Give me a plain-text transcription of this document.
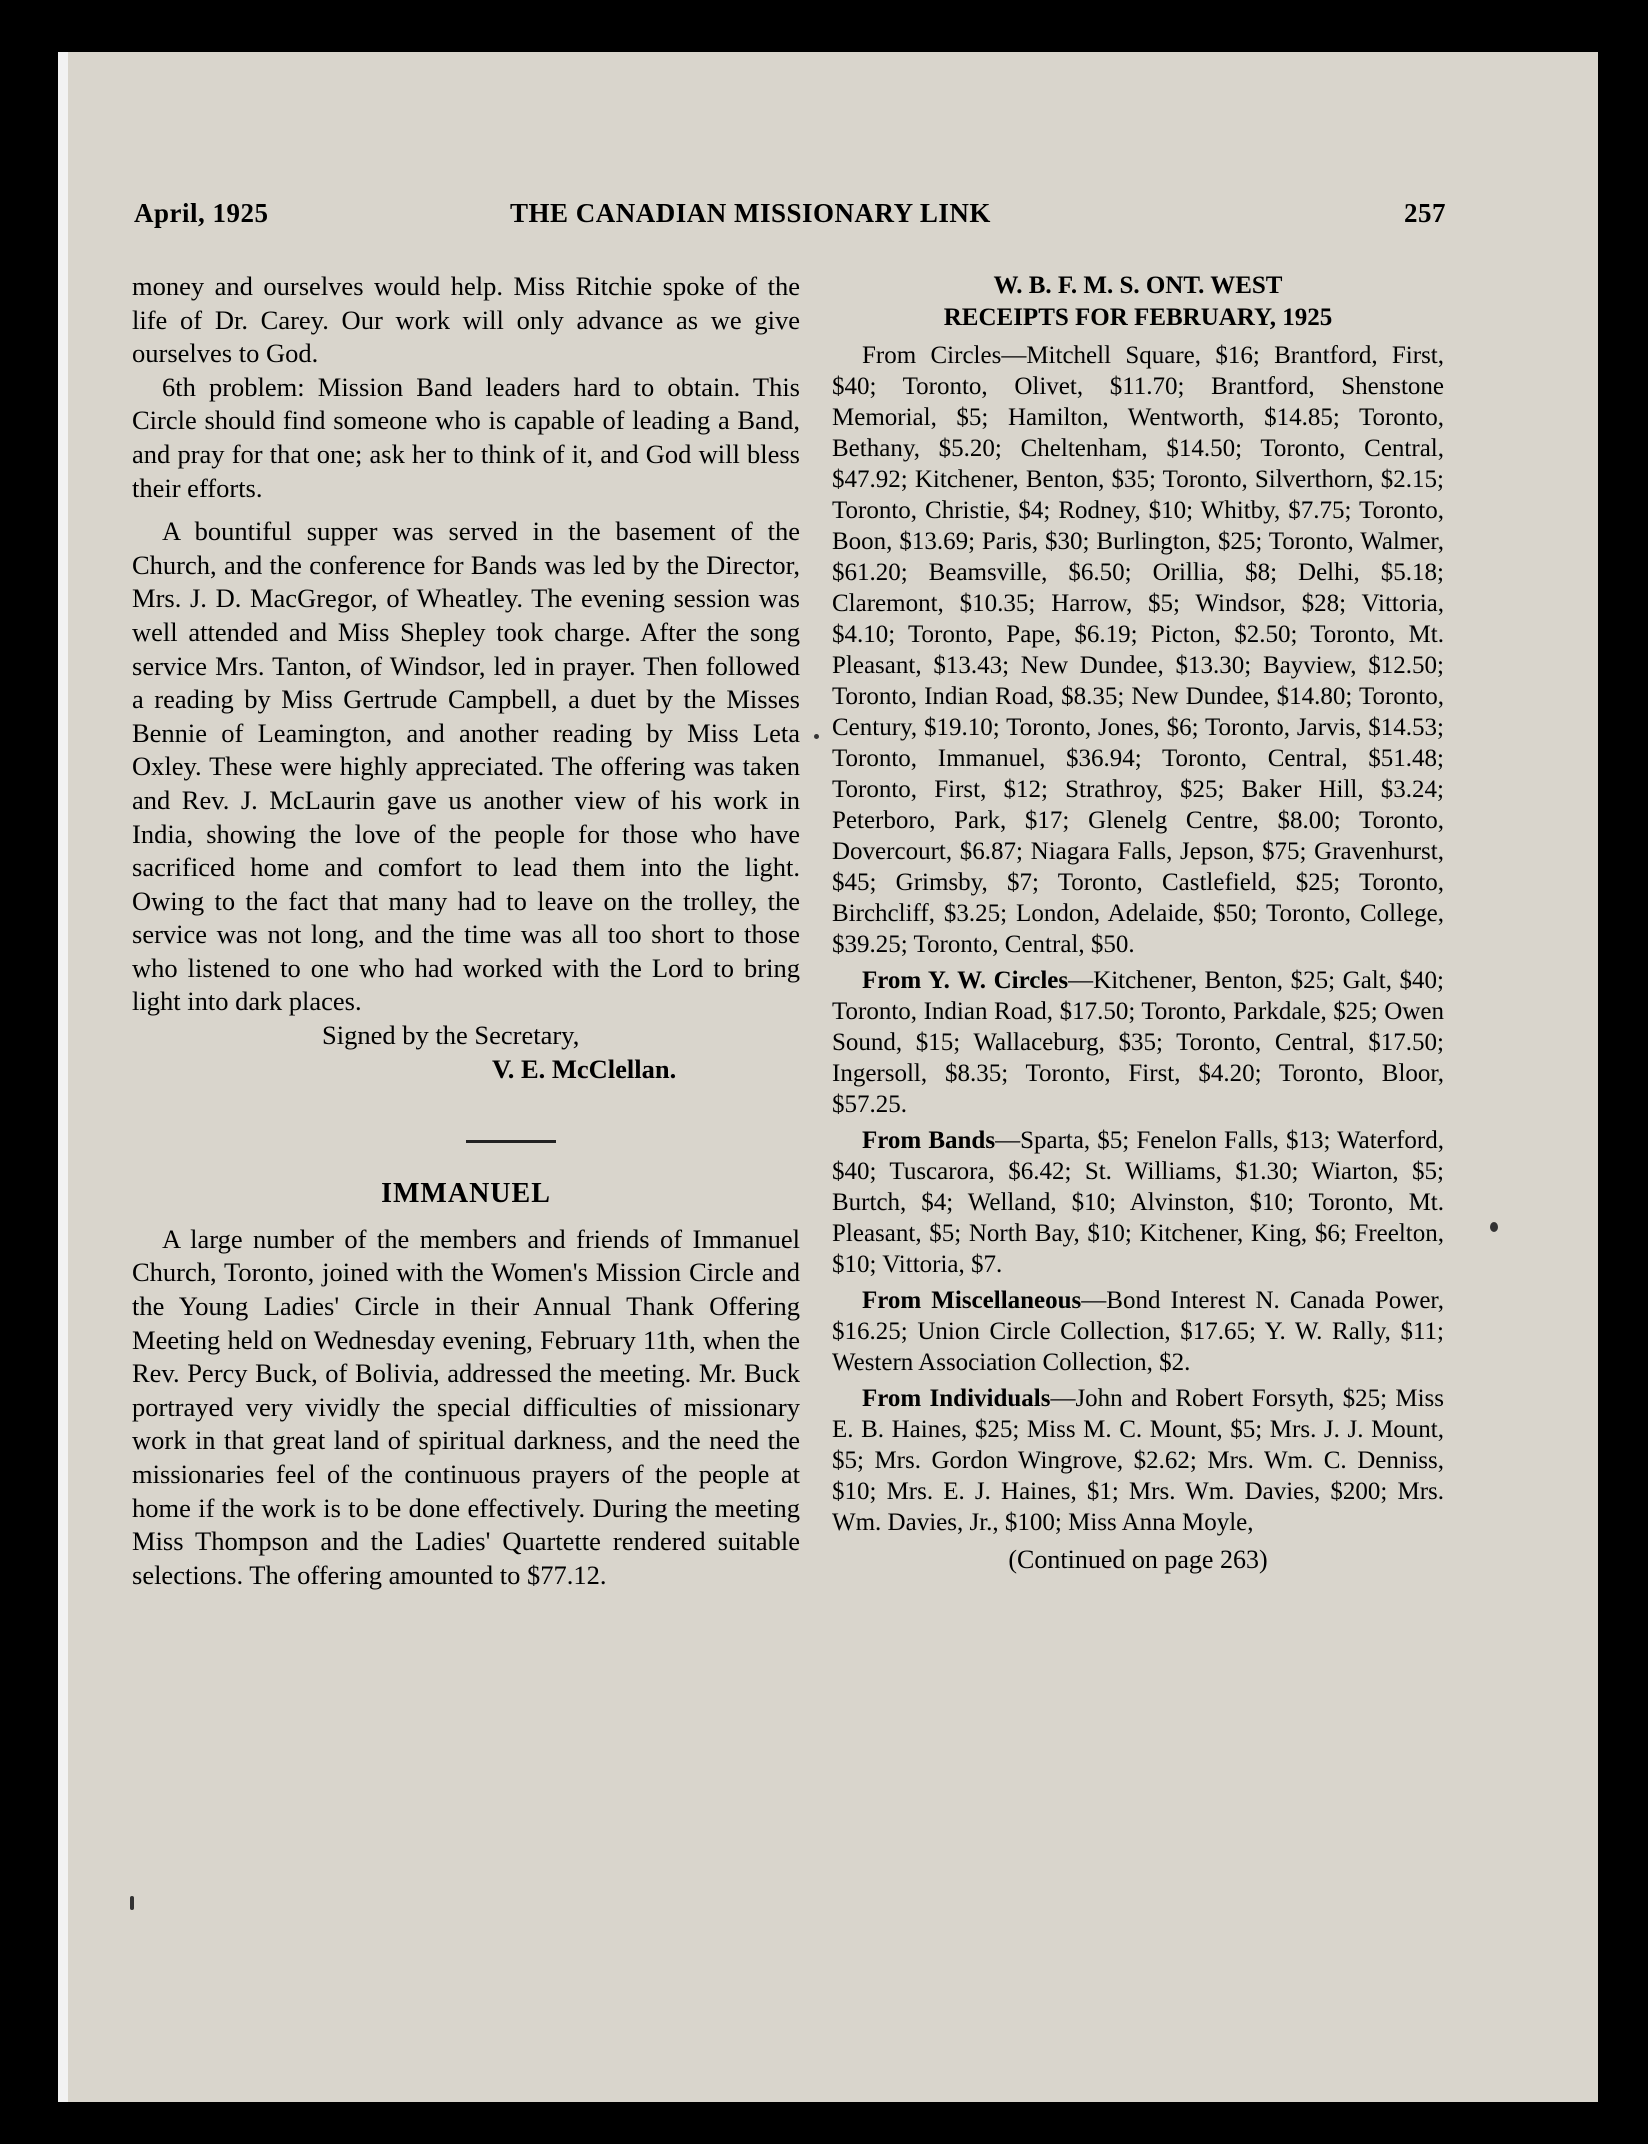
April, 1925	THE CANADIAN MISSIONARY LINK	257

money and ourselves would help. Miss Ritchie spoke of the life of Dr. Carey. Our work will only advance as we give ourselves to God.

6th problem: Mission Band leaders hard to obtain. This Circle should find someone who is capable of leading a Band, and pray for that one; ask her to think of it, and God will bless their efforts.

A bountiful supper was served in the basement of the Church, and the conference for Bands was led by the Director, Mrs. J. D. MacGregor, of Wheatley. The evening session was well attended and Miss Shepley took charge. After the song service Mrs. Tanton, of Windsor, led in prayer. Then followed a reading by Miss Gertrude Campbell, a duet by the Misses Bennie of Leamington, and another reading by Miss Leta Oxley. These were highly appreciated. The offering was taken and Rev. J. McLaurin gave us another view of his work in India, showing the love of the people for those who have sacrificed home and comfort to lead them into the light. Owing to the fact that many had to leave on the trolley, the service was not long, and the time was all too short to those who listened to one who had worked with the Lord to bring light into dark places.

Signed by the Secretary,

V. E. McClellan.

IMMANUEL

A large number of the members and friends of Immanuel Church, Toronto, joined with the Women's Mission Circle and the Young Ladies' Circle in their Annual Thank Offering Meeting held on Wednesday evening, February 11th, when the Rev. Percy Buck, of Bolivia, addressed the meeting. Mr. Buck portrayed very vividly the special difficulties of missionary work in that great land of spiritual darkness, and the need the missionaries feel of the continuous prayers of the people at home if the work is to be done effectively. During the meeting Miss Thompson and the Ladies' Quartette rendered suitable selections. The offering amounted to $77.12.

W. B. F. M. S. ONT. WEST
RECEIPTS FOR FEBRUARY, 1925

From Circles—Mitchell Square, $16; Brantford, First, $40; Toronto, Olivet, $11.70; Brantford, Shenstone Memorial, $5; Hamilton, Wentworth, $14.85; Toronto, Bethany, $5.20; Cheltenham, $14.50; Toronto, Central, $47.92; Kitchener, Benton, $35; Toronto, Silverthorn, $2.15; Toronto, Christie, $4; Rodney, $10; Whitby, $7.75; Toronto, Boon, $13.69; Paris, $30; Burlington, $25; Toronto, Walmer, $61.20; Beamsville, $6.50; Orillia, $8; Delhi, $5.18; Claremont, $10.35; Harrow, $5; Windsor, $28; Vittoria, $4.10; Toronto, Pape, $6.19; Picton, $2.50; Toronto, Mt. Pleasant, $13.43; New Dundee, $13.30; Bayview, $12.50; Toronto, Indian Road, $8.35; New Dundee, $14.80; Toronto, Century, $19.10; Toronto, Jones, $6; Toronto, Jarvis, $14.53; Toronto, Immanuel, $36.94; Toronto, Central, $51.48; Toronto, First, $12; Strathroy, $25; Baker Hill, $3.24; Peterboro, Park, $17; Glenelg Centre, $8.00; Toronto, Dovercourt, $6.87; Niagara Falls, Jepson, $75; Gravenhurst, $45; Grimsby, $7; Toronto, Castlefield, $25; Toronto, Birchcliff, $3.25; London, Adelaide, $50; Toronto, College, $39.25; Toronto, Central, $50.

From Y. W. Circles—Kitchener, Benton, $25; Galt, $40; Toronto, Indian Road, $17.50; Toronto, Parkdale, $25; Owen Sound, $15; Wallaceburg, $35; Toronto, Central, $17.50; Ingersoll, $8.35; Toronto, First, $4.20; Toronto, Bloor, $57.25.

From Bands—Sparta, $5; Fenelon Falls, $13; Waterford, $40; Tuscarora, $6.42; St. Williams, $1.30; Wiarton, $5; Burtch, $4; Welland, $10; Alvinston, $10; Toronto, Mt. Pleasant, $5; North Bay, $10; Kitchener, King, $6; Freelton, $10; Vittoria, $7.

From Miscellaneous—Bond Interest N. Canada Power, $16.25; Union Circle Collection, $17.65; Y. W. Rally, $11; Western Association Collection, $2.

From Individuals—John and Robert Forsyth, $25; Miss E. B. Haines, $25; Miss M. C. Mount, $5; Mrs. J. J. Mount, $5; Mrs. Gordon Wingrove, $2.62; Mrs. Wm. C. Denniss, $10; Mrs. E. J. Haines, $1; Mrs. Wm. Davies, $200; Mrs. Wm. Davies, Jr., $100; Miss Anna Moyle,

(Continued on page 263)
